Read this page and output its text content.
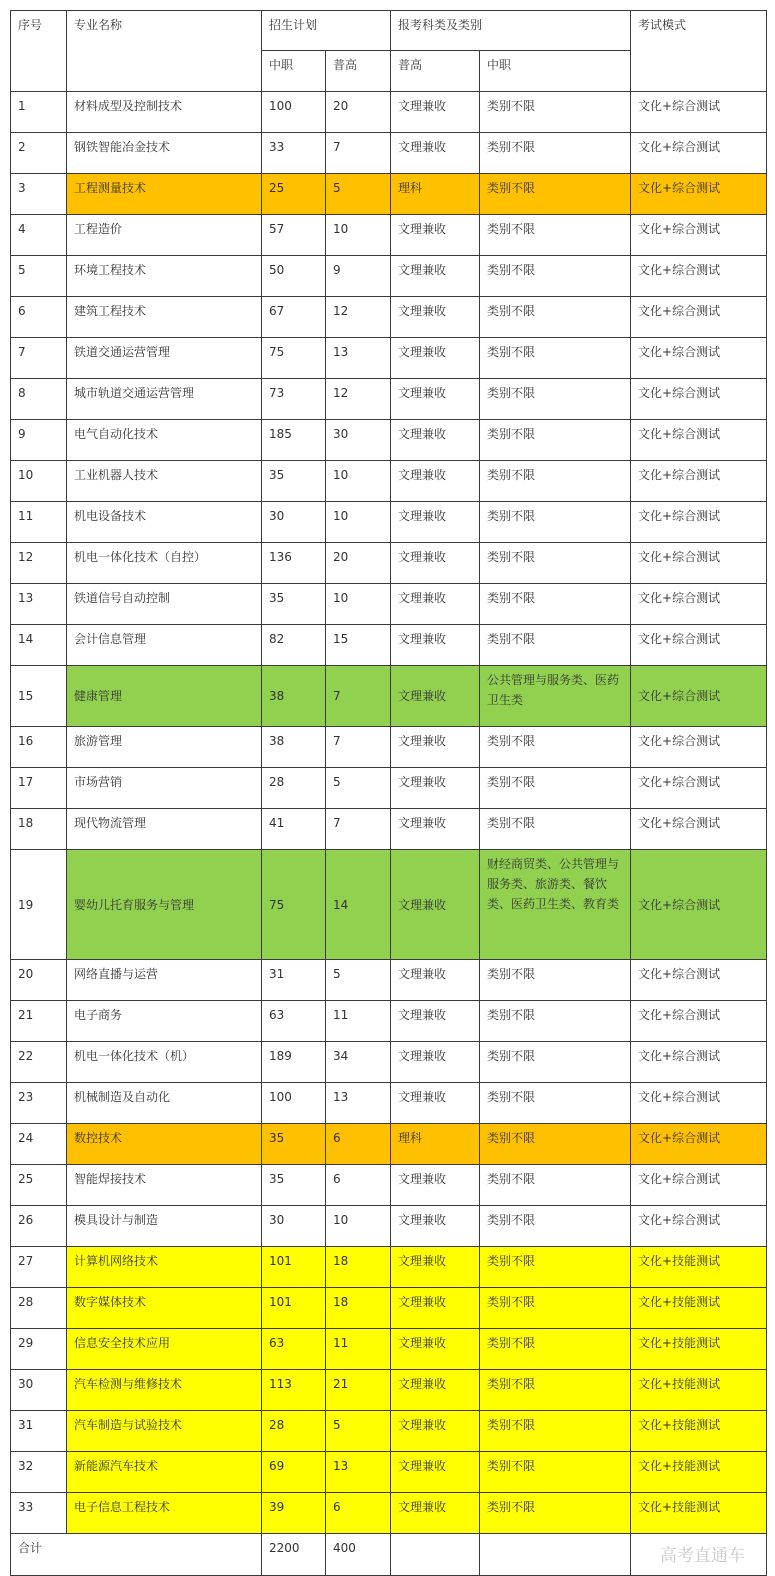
序号	专业名称	招生计划		报考科类及类别		考试模式
		中职	普高	普高	中职	
1	材料成型及控制技术	100	20	文理兼收	类别不限	文化+综合测试
2	钢铁智能冶金技术	33	7	文理兼收	类别不限	文化+综合测试
3	工程测量技术	25	5	理科	类别不限	文化+综合测试
4	工程造价	57	10	文理兼收	类别不限	文化+综合测试
5	环境工程技术	50	9	文理兼收	类别不限	文化+综合测试
6	建筑工程技术	67	12	文理兼收	类别不限	文化+综合测试
7	铁道交通运营管理	75	13	文理兼收	类别不限	文化+综合测试
8	城市轨道交通运营管理	73	12	文理兼收	类别不限	文化+综合测试
9	电气自动化技术	185	30	文理兼收	类别不限	文化+综合测试
10	工业机器人技术	35	10	文理兼收	类别不限	文化+综合测试
11	机电设备技术	30	10	文理兼收	类别不限	文化+综合测试
12	机电一体化技术（自控）	136	20	文理兼收	类别不限	文化+综合测试
13	铁道信号自动控制	35	10	文理兼收	类别不限	文化+综合测试
14	会计信息管理	82	15	文理兼收	类别不限	文化+综合测试
15	健康管理	38	7	文理兼收	公共管理与服务类、医药卫生类	文化+综合测试
16	旅游管理	38	7	文理兼收	类别不限	文化+综合测试
17	市场营销	28	5	文理兼收	类别不限	文化+综合测试
18	现代物流管理	41	7	文理兼收	类别不限	文化+综合测试
19	婴幼儿托育服务与管理	75	14	文理兼收	财经商贸类、公共管理与服务类、旅游类、餐饮类、医药卫生类、教育类	文化+综合测试
20	网络直播与运营	31	5	文理兼收	类别不限	文化+综合测试
21	电子商务	63	11	文理兼收	类别不限	文化+综合测试
22	机电一体化技术（机）	189	34	文理兼收	类别不限	文化+综合测试
23	机械制造及自动化	100	13	文理兼收	类别不限	文化+综合测试
24	数控技术	35	6	理科	类别不限	文化+综合测试
25	智能焊接技术	35	6	文理兼收	类别不限	文化+综合测试
26	模具设计与制造	30	10	文理兼收	类别不限	文化+综合测试
27	计算机网络技术	101	18	文理兼收	类别不限	文化+技能测试
28	数字媒体技术	101	18	文理兼收	类别不限	文化+技能测试
29	信息安全技术应用	63	11	文理兼收	类别不限	文化+技能测试
30	汽车检测与维修技术	113	21	文理兼收	类别不限	文化+技能测试
31	汽车制造与试验技术	28	5	文理兼收	类别不限	文化+技能测试
32	新能源汽车技术	69	13	文理兼收	类别不限	文化+技能测试
33	电子信息工程技术	39	6	文理兼收	类别不限	文化+技能测试
合计		2200	400				高考直通车
